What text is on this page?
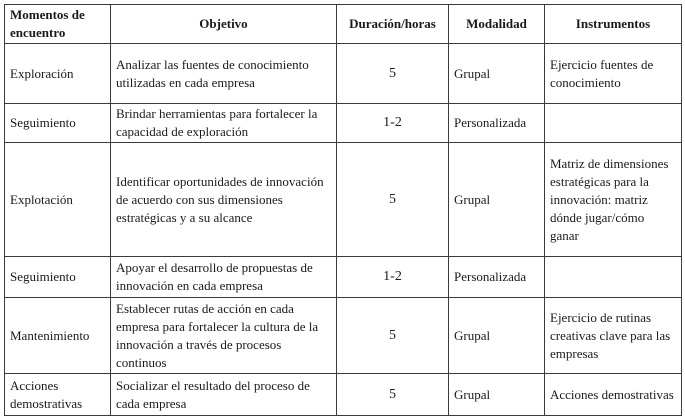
Momentos de encuentro	Objetivo	Duración/horas	Modalidad	Instrumentos
Exploración	Analizar las fuentes de conocimiento utilizadas en cada empresa	5	Grupal	Ejercicio fuentes de conocimiento
Seguimiento	Brindar herramientas para fortalecer la capacidad de exploración	1-2	Personalizada	
Explotación	Identificar oportunidades de innovación de acuerdo con sus dimensiones estratégicas y a su alcance	5	Grupal	Matriz de dimensiones estratégicas para la innovación: matriz dónde jugar/cómo ganar
Seguimiento	Apoyar el desarrollo de propuestas de innovación en cada empresa	1-2	Personalizada	
Mantenimiento	Establecer rutas de acción en cada empresa para fortalecer la cultura de la innovación a través de procesos continuos	5	Grupal	Ejercicio de rutinas creativas clave para las empresas
Acciones demostrativas	Socializar el resultado del proceso de cada empresa	5	Grupal	Acciones demostrativas
